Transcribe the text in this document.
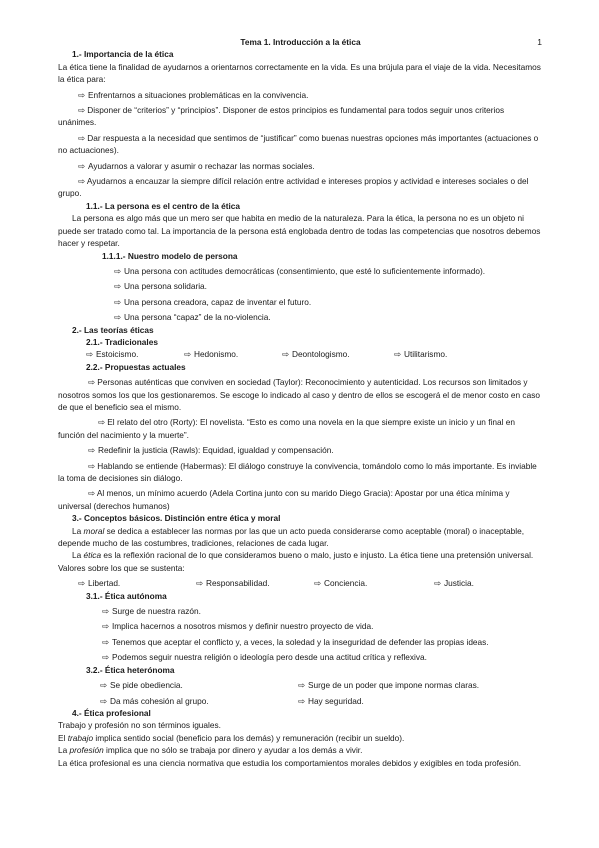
1
Tema 1. Introducción a la ética
1.- Importancia de la ética
La ética tiene la finalidad de ayudarnos a orientarnos correctamente en la vida. Es una brújula para el viaje de la vida. Necesitamos la ética para:
⇨ Enfrentarnos a situaciones problemáticas en la convivencia.
⇨ Disponer de “criterios” y “principios”. Disponer de estos principios es fundamental para todos seguir unos criterios unánimes.
⇨ Dar respuesta a la necesidad que sentimos de “justificar” como buenas nuestras opciones más importantes (actuaciones o no actuaciones).
⇨ Ayudarnos a valorar y asumir o rechazar las normas sociales.
⇨ Ayudarnos a encauzar la siempre difícil relación entre actividad e intereses propios y actividad e intereses sociales o del grupo.
1.1.- La persona es el centro de la ética
La persona es algo más que un mero ser que habita en medio de la naturaleza. Para la ética, la persona no es un objeto ni puede ser tratado como tal. La importancia de la persona está englobada dentro de todas las competencias que nosotros debemos hacer y respetar.
1.1.1.- Nuestro modelo de persona
⇨ Una persona con actitudes democráticas (consentimiento, que esté lo suficientemente informado).
⇨ Una persona solidaria.
⇨ Una persona creadora, capaz de inventar el futuro.
⇨ Una persona “capaz” de la no-violencia.
2.- Las teorías éticas
2.1.- Tradicionales
⇨ Estoicismo.	⇨ Hedonismo.	⇨ Deontologismo.	⇨ Utilitarismo.
2.2.- Propuestas actuales
⇨ Personas auténticas que conviven en sociedad (Taylor): Reconocimiento y autenticidad. Los recursos son limitados y nosotros somos los que los gestionaremos. Se escoge lo indicado al caso y dentro de ellos se escogerá el de menor costo en caso de que el beneficio sea el mismo.
⇨ El relato del otro (Rorty): El novelista. “Esto es como una novela en la que siempre existe un inicio y un final en función del nacimiento y la muerte”.
⇨ Redefinir la justicia (Rawls): Equidad, igualdad y compensación.
⇨ Hablando se entiende (Habermas): El diálogo construye la convivencia, tomándolo como lo más importante. Es inviable la toma de decisiones sin diálogo.
⇨ Al menos, un mínimo acuerdo (Adela Cortina junto con su marido Diego Gracia): Apostar por una ética mínima y universal (derechos humanos)
3.- Conceptos básicos. Distinción entre ética y moral
La moral se dedica a establecer las normas por las que un acto pueda considerarse como aceptable (moral) o inaceptable, depende mucho de las costumbres, tradiciones, relaciones de cada lugar.
La ética es la reflexión racional de lo que consideramos bueno o malo, justo e injusto. La ética tiene una pretensión universal. Valores sobre los que se sustenta:
⇨ Libertad.	⇨ Responsabilidad.	⇨ Conciencia.	⇨ Justicia.
3.1.- Ética autónoma
⇨ Surge de nuestra razón.
⇨ Implica hacernos a nosotros mismos y definir nuestro proyecto de vida.
⇨ Tenemos que aceptar el conflicto y, a veces, la soledad y la inseguridad de defender las propias ideas.
⇨ Podemos seguir nuestra religión o ideología pero desde una actitud crítica y reflexiva.
3.2.- Ética heterónoma
⇨ Se pide obediencia.	⇨ Surge de un poder que impone normas claras.
⇨ Da más cohesión al grupo.	⇨ Hay seguridad.
4.- Ética profesional
Trabajo y profesión no son términos iguales.
El trabajo implica sentido social (beneficio para los demás) y remuneración (recibir un sueldo).
La profesión implica que no sólo se trabaja por dinero y ayudar a los demás a vivir.
La ética profesional es una ciencia normativa que estudia los comportamientos morales debidos y exigibles en toda profesión.
